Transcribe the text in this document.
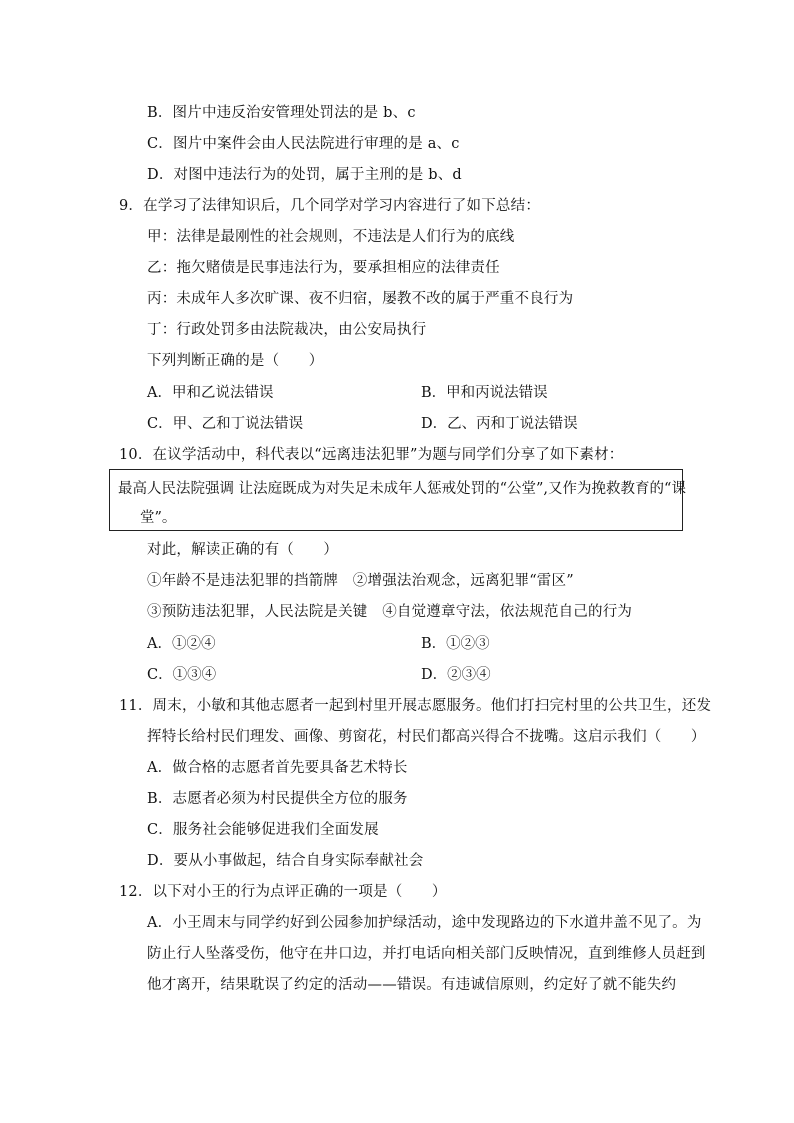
B．图片中违反治安管理处罚法的是 b、c
C．图片中案件会由人民法院进行审理的是 a、c
D．对图中违法行为的处罚，属于主刑的是 b、d
9．在学习了法律知识后，几个同学对学习内容进行了如下总结：
甲：法律是最刚性的社会规则，不违法是人们行为的底线
乙：拖欠赌债是民事违法行为，要承担相应的法律责任
丙：未成年人多次旷课、夜不归宿，屡教不改的属于严重不良行为
丁：行政处罚多由法院裁决，由公安局执行
下列判断正确的是（　　）
A．甲和乙说法错误	B．甲和丙说法错误
C．甲、乙和丁说法错误	D．乙、丙和丁说法错误
10．在议学活动中，科代表以“远离违法犯罪”为题与同学们分享了如下素材：
最高人民法院强调 让法庭既成为对失足未成年人惩戒处罚的“公堂”,又作为挽救教育的“课
堂”。
对此，解读正确的有（　　）
①年龄不是违法犯罪的挡箭牌　②增强法治观念，远离犯罪“雷区”
③预防违法犯罪，人民法院是关键　④自觉遵章守法，依法规范自己的行为
A．①②④	B．①②③
C．①③④	D．②③④
11．周末，小敏和其他志愿者一起到村里开展志愿服务。他们打扫完村里的公共卫生，还发
挥特长给村民们理发、画像、剪窗花，村民们都高兴得合不拢嘴。这启示我们（　　）
A．做合格的志愿者首先要具备艺术特长
B．志愿者必须为村民提供全方位的服务
C．服务社会能够促进我们全面发展
D．要从小事做起，结合自身实际奉献社会
12．以下对小王的行为点评正确的一项是（　　）
A．小王周末与同学约好到公园参加护绿活动，途中发现路边的下水道井盖不见了。为
防止行人坠落受伤，他守在井口边，并打电话向相关部门反映情况，直到维修人员赶到
他才离开，结果耽误了约定的活动——错误。有违诚信原则，约定好了就不能失约
